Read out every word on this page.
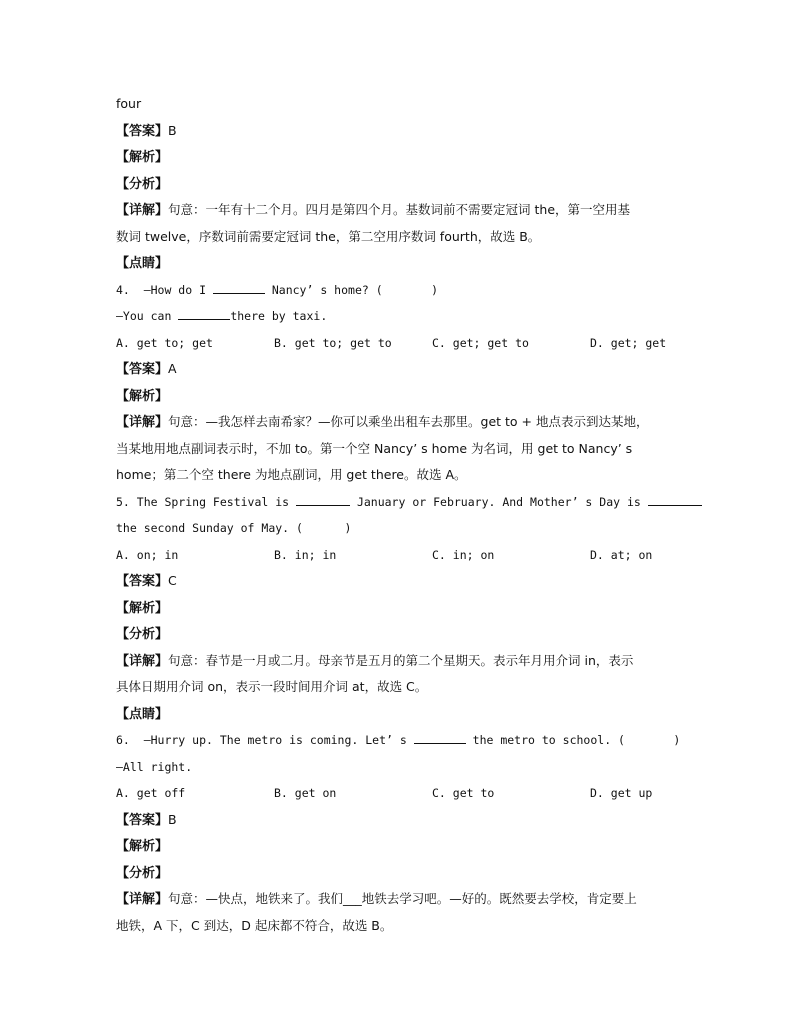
four
【答案】B
【解析】
【分析】
【详解】句意：一年有十二个月。四月是第四个月。基数词前不需要定冠词 the，第一空用基
数词 twelve，序数词前需要定冠词 the，第二空用序数词 fourth，故选 B。
【点睛】
4.  —How do I	Nancy’ s home? (       )
—You can	there by taxi.
A. get to; get	B. get to; get to	C. get; get to	D. get; get
【答案】A
【解析】
【详解】句意：—我怎样去南希家？—你可以乘坐出租车去那里。get to + 地点表示到达某地，
当某地用地点副词表示时，不加 to。第一个空 Nancy’ s home 为名词，用 get to Nancy’ s
home；第二个空 there 为地点副词，用 get there。故选 A。
5. The Spring Festival is	January or February. And Mother’ s Day is
the second Sunday of May. (      )
A. on; in	B. in; in	C. in; on	D. at; on
【答案】C
【解析】
【分析】
【详解】句意：春节是一月或二月。母亲节是五月的第二个星期天。表示年月用介词 in，表示
具体日期用介词 on，表示一段时间用介词 at，故选 C。
【点睛】
6.  —Hurry up. The metro is coming. Let’ s	the metro to school. (       )
—All right.
A. get off	B. get on	C. get to	D. get up
【答案】B
【解析】
【分析】
【详解】句意：—快点，地铁来了。我们___地铁去学习吧。—好的。既然要去学校，肯定要上
地铁，A 下，C 到达，D 起床都不符合，故选 B。
